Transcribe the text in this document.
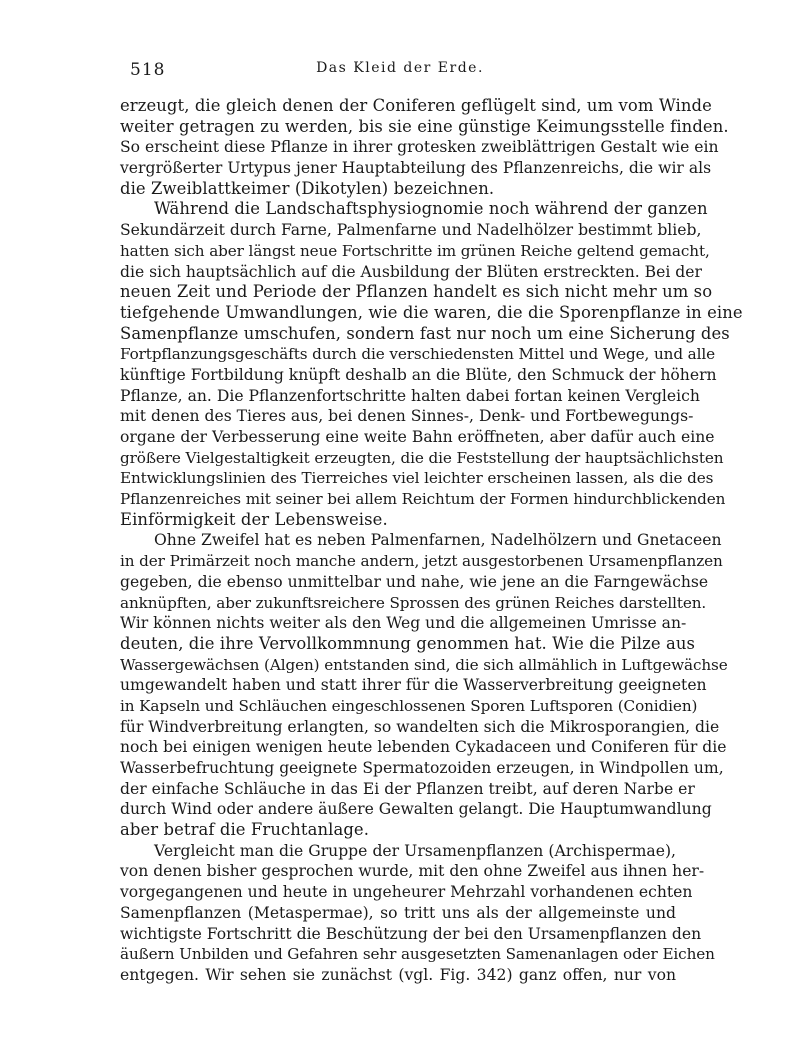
518	Das Kleid der Erde.
erzeugt, die gleich denen der Coniferen geflügelt sind, um vom Winde
weiter getragen zu werden, bis sie eine günstige Keimungsstelle finden.
So erscheint diese Pflanze in ihrer grotesken zweiblättrigen Gestalt wie ein
vergrößerter Urtypus jener Hauptabteilung des Pflanzenreichs, die wir als
die Zweiblattkeimer (Dikotylen) bezeichnen.
Während die Landschaftsphysiognomie noch während der ganzen
Sekundärzeit durch Farne, Palmenfarne und Nadelhölzer bestimmt blieb,
hatten sich aber längst neue Fortschritte im grünen Reiche geltend gemacht,
die sich hauptsächlich auf die Ausbildung der Blüten erstreckten. Bei der
neuen Zeit und Periode der Pflanzen handelt es sich nicht mehr um so
tiefgehende Umwandlungen, wie die waren, die die Sporenpflanze in eine
Samenpflanze umschufen, sondern fast nur noch um eine Sicherung des
Fortpflanzungsgeschäfts durch die verschiedensten Mittel und Wege, und alle
künftige Fortbildung knüpft deshalb an die Blüte, den Schmuck der höhern
Pflanze, an. Die Pflanzenfortschritte halten dabei fortan keinen Vergleich
mit denen des Tieres aus, bei denen Sinnes-, Denk- und Fortbewegungs-
organe der Verbesserung eine weite Bahn eröffneten, aber dafür auch eine
größere Vielgestaltigkeit erzeugten, die die Feststellung der hauptsächlichsten
Entwicklungslinien des Tierreiches viel leichter erscheinen lassen, als die des
Pflanzenreiches mit seiner bei allem Reichtum der Formen hindurchblickenden
Einförmigkeit der Lebensweise.
Ohne Zweifel hat es neben Palmenfarnen, Nadelhölzern und Gnetaceen
in der Primärzeit noch manche andern, jetzt ausgestorbenen Ursamenpflanzen
gegeben, die ebenso unmittelbar und nahe, wie jene an die Farngewächse
anknüpften, aber zukunftsreichere Sprossen des grünen Reiches darstellten.
Wir können nichts weiter als den Weg und die allgemeinen Umrisse an-
deuten, die ihre Vervollkommnung genommen hat. Wie die Pilze aus
Wassergewächsen (Algen) entstanden sind, die sich allmählich in Luftgewächse
umgewandelt haben und statt ihrer für die Wasserverbreitung geeigneten
in Kapseln und Schläuchen eingeschlossenen Sporen Luftsporen (Conidien)
für Windverbreitung erlangten, so wandelten sich die Mikrosporangien, die
noch bei einigen wenigen heute lebenden Cykadaceen und Coniferen für die
Wasserbefruchtung geeignete Spermatozoiden erzeugen, in Windpollen um,
der einfache Schläuche in das Ei der Pflanzen treibt, auf deren Narbe er
durch Wind oder andere äußere Gewalten gelangt. Die Hauptumwandlung
aber betraf die Fruchtanlage.
Vergleicht man die Gruppe der Ursamenpflanzen (Archispermae),
von denen bisher gesprochen wurde, mit den ohne Zweifel aus ihnen her-
vorgegangenen und heute in ungeheurer Mehrzahl vorhandenen echten
Samenpflanzen (Metaspermae), so tritt uns als der allgemeinste und
wichtigste Fortschritt die Beschützung der bei den Ursamenpflanzen den
äußern Unbilden und Gefahren sehr ausgesetzten Samenanlagen oder Eichen
entgegen. Wir sehen sie zunächst (vgl. Fig. 342) ganz offen, nur von
